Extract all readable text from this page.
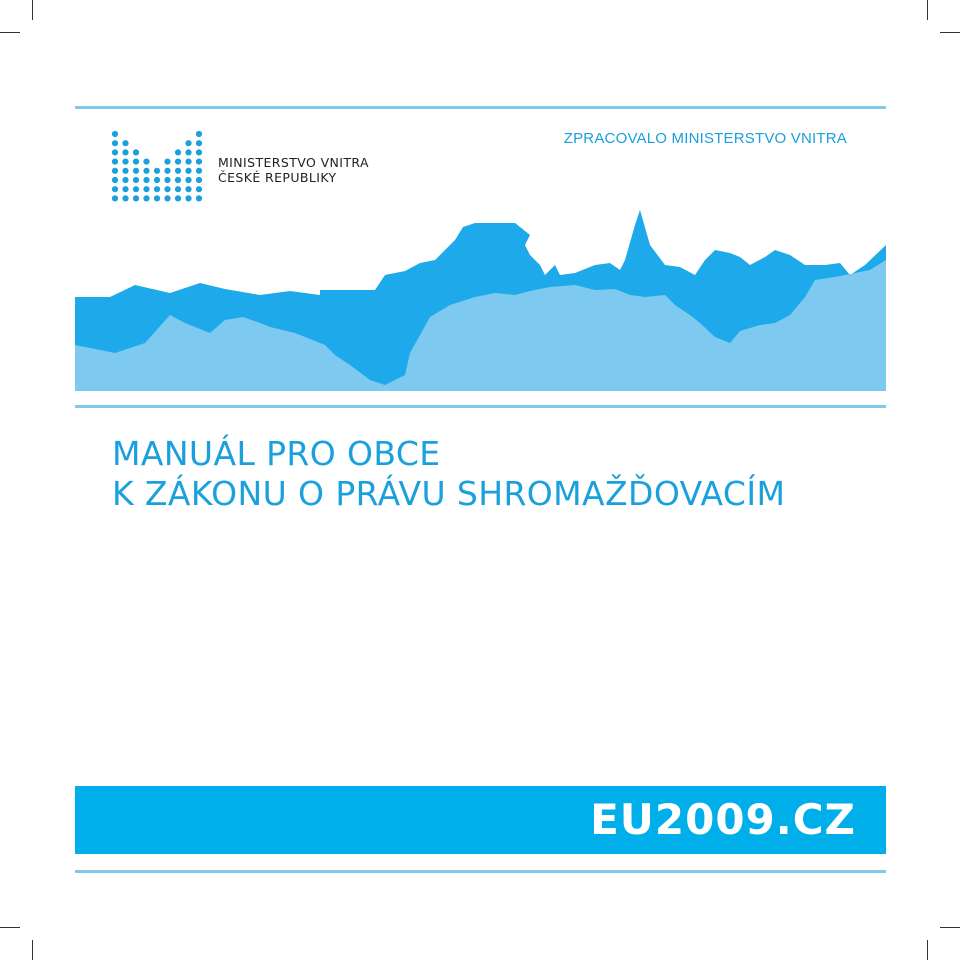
MINISTERSTVO VNITRA
ČESKÉ REPUBLIKY
ZPRACOVALO MINISTERSTVO VNITRA
MANUÁL PRO OBCE
K ZÁKONU O PRÁVU SHROMAŽĎOVACÍM
EU2009.CZ
